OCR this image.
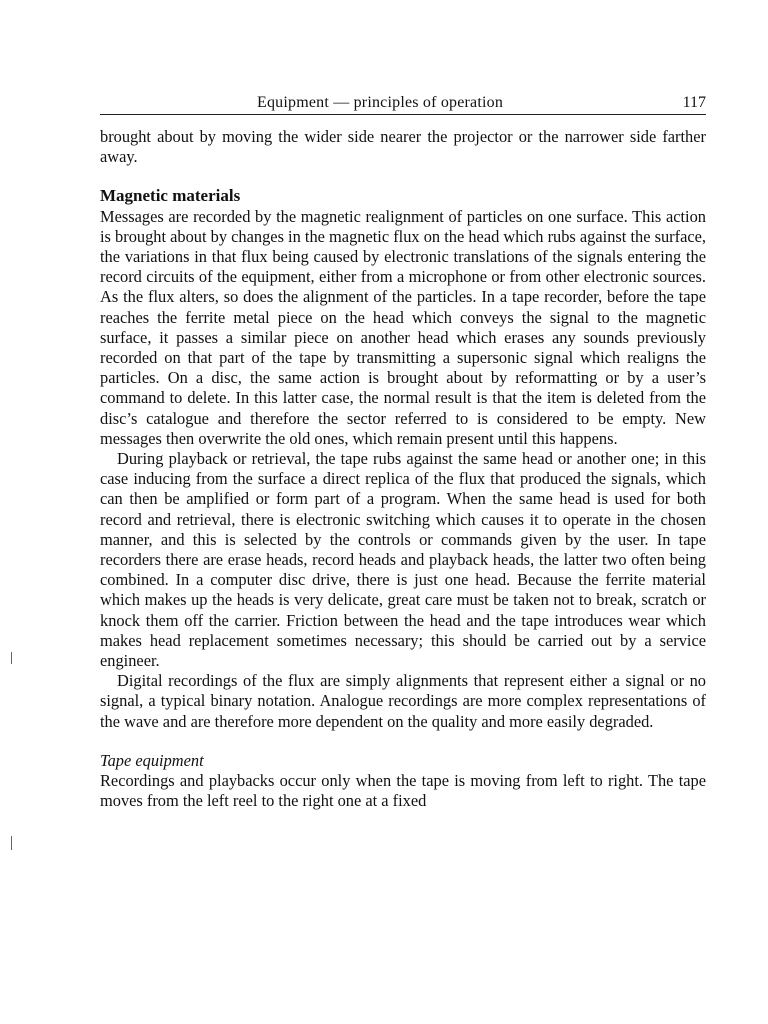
Equipment — principles of operation	117

brought about by moving the wider side nearer the projector or the narrower side farther away.

Magnetic materials

Messages are recorded by the magnetic realignment of particles on one surface. This action is brought about by changes in the magnetic flux on the head which rubs against the surface, the variations in that flux being caused by electronic translations of the signals entering the record circuits of the equipment, either from a microphone or from other electronic sources. As the flux alters, so does the alignment of the particles. In a tape recorder, before the tape reaches the ferrite metal piece on the head which conveys the signal to the magnetic surface, it passes a similar piece on another head which erases any sounds previously recorded on that part of the tape by transmitting a supersonic signal which realigns the particles. On a disc, the same action is brought about by reformatting or by a user’s command to delete. In this latter case, the normal result is that the item is deleted from the disc’s catalogue and therefore the sector referred to is considered to be empty. New messages then overwrite the old ones, which remain present until this happens.

During playback or retrieval, the tape rubs against the same head or another one; in this case inducing from the surface a direct replica of the flux that produced the signals, which can then be amplified or form part of a program. When the same head is used for both record and retrieval, there is electronic switching which causes it to operate in the chosen manner, and this is selected by the controls or commands given by the user. In tape recorders there are erase heads, record heads and playback heads, the latter two often being combined. In a computer disc drive, there is just one head. Because the ferrite material which makes up the heads is very delicate, great care must be taken not to break, scratch or knock them off the carrier. Friction between the head and the tape introduces wear which makes head replacement sometimes necessary; this should be carried out by a service engineer.

Digital recordings of the flux are simply alignments that represent either a signal or no signal, a typical binary notation. Analogue recordings are more complex representations of the wave and are therefore more dependent on the quality and more easily degraded.

Tape equipment

Recordings and playbacks occur only when the tape is moving from left to right. The tape moves from the left reel to the right one at a fixed
